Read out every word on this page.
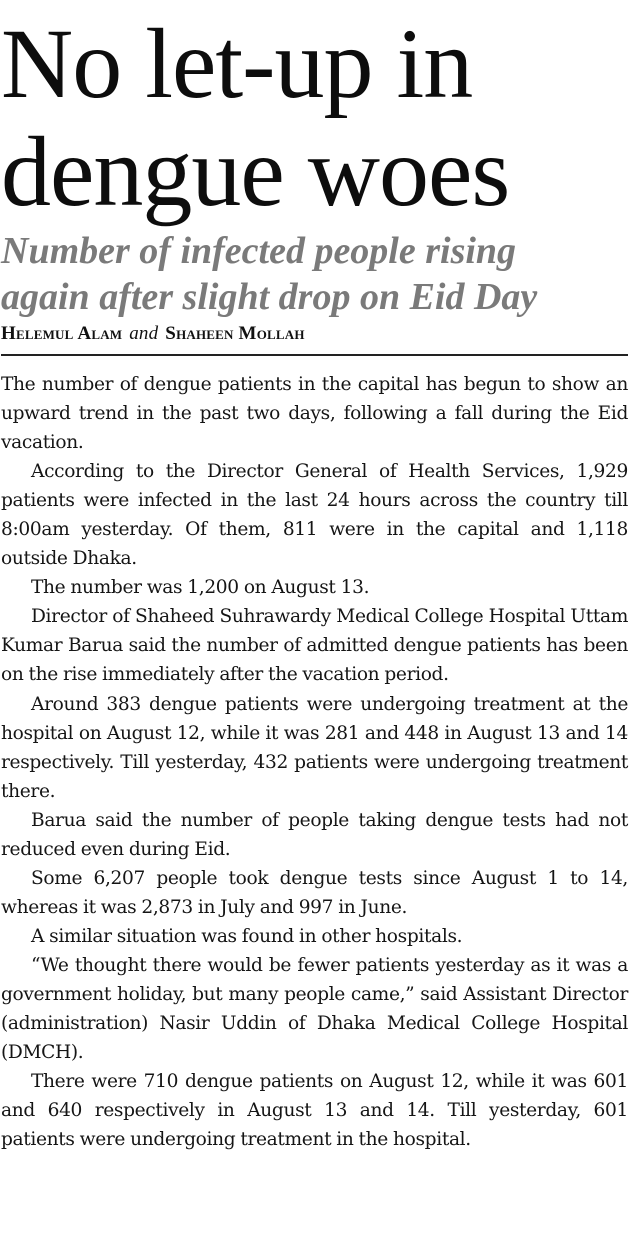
No let-up in
dengue woes
Number of infected people rising
again after slight drop on Eid Day
Helemul Alam and Shaheen Mollah

The number of dengue patients in the capital has begun to show an upward trend in the past two days, following a fall during the Eid vacation.

According to the Director General of Health Services, 1,929 patients were infected in the last 24 hours across the country till 8:00am yesterday. Of them, 811 were in the capital and 1,118 outside Dhaka.

The number was 1,200 on August 13.

Director of Shaheed Suhrawardy Medical College Hospital Uttam Kumar Barua said the number of admitted dengue patients has been on the rise immediately after the vacation period.

Around 383 dengue patients were undergoing treatment at the hospital on August 12, while it was 281 and 448 in August 13 and 14 respectively. Till yesterday, 432 patients were undergoing treatment there.

Barua said the number of people taking dengue tests had not reduced even during Eid.

Some 6,207 people took dengue tests since August 1 to 14, whereas it was 2,873 in July and 997 in June.

A similar situation was found in other hospitals.

“We thought there would be fewer patients yesterday as it was a government holiday, but many people came,” said Assistant Director (administration) Nasir Uddin of Dhaka Medical College Hospital (DMCH).

There were 710 dengue patients on August 12, while it was 601 and 640 respectively in August 13 and 14. Till yesterday, 601 patients were undergoing treatment in the hospital.
